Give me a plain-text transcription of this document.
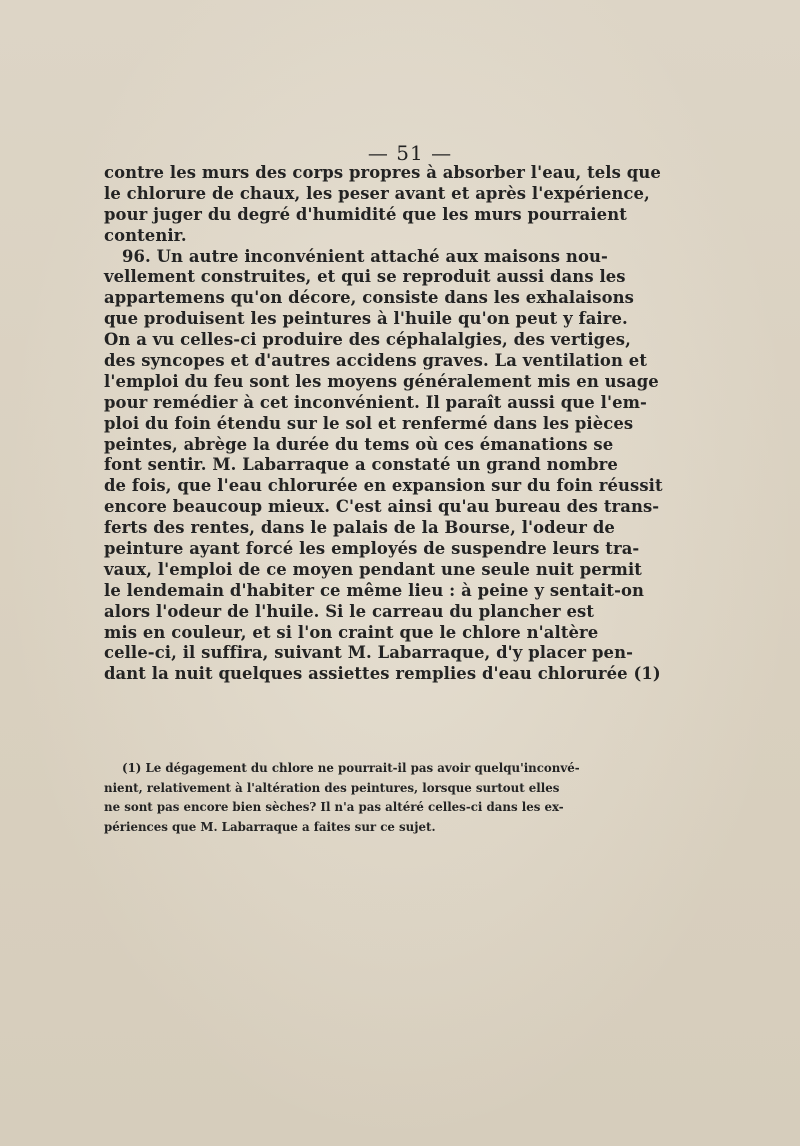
— 51 —
contre les murs des corps propres à absorber l'eau, tels que
le chlorure de chaux, les peser avant et après l'expérience,
pour juger du degré d'humidité que les murs pourraient
contenir.
96. Un autre inconvénient attaché aux maisons nou-
vellement construites, et qui se reproduit aussi dans les
appartemens qu'on décore, consiste dans les exhalaisons
que produisent les peintures à l'huile qu'on peut y faire.
On a vu celles-ci produire des céphalalgies, des vertiges,
des syncopes et d'autres accidens graves. La ventilation et
l'emploi du feu sont les moyens généralement mis en usage
pour remédier à cet inconvénient. Il paraît aussi que l'em-
ploi du foin étendu sur le sol et renfermé dans les pièces
peintes, abrège la durée du tems où ces émanations se
font sentir. M. Labarraque a constaté un grand nombre
de fois, que l'eau chlorurée en expansion sur du foin réussit
encore beaucoup mieux. C'est ainsi qu'au bureau des trans-
ferts des rentes, dans le palais de la Bourse, l'odeur de
peinture ayant forcé les employés de suspendre leurs tra-
vaux, l'emploi de ce moyen pendant une seule nuit permit
le lendemain d'habiter ce même lieu : à peine y sentait-on
alors l'odeur de l'huile. Si le carreau du plancher est
mis en couleur, et si l'on craint que le chlore n'altère
celle-ci, il suffira, suivant M. Labarraque, d'y placer pen-
dant la nuit quelques assiettes remplies d'eau chlorurée (1)
(1) Le dégagement du chlore ne pourrait-il pas avoir quelqu'inconvé-
nient, relativement à l'altération des peintures, lorsque surtout elles
ne sont pas encore bien sèches? Il n'a pas altéré celles-ci dans les ex-
périences que M. Labarraque a faites sur ce sujet.
